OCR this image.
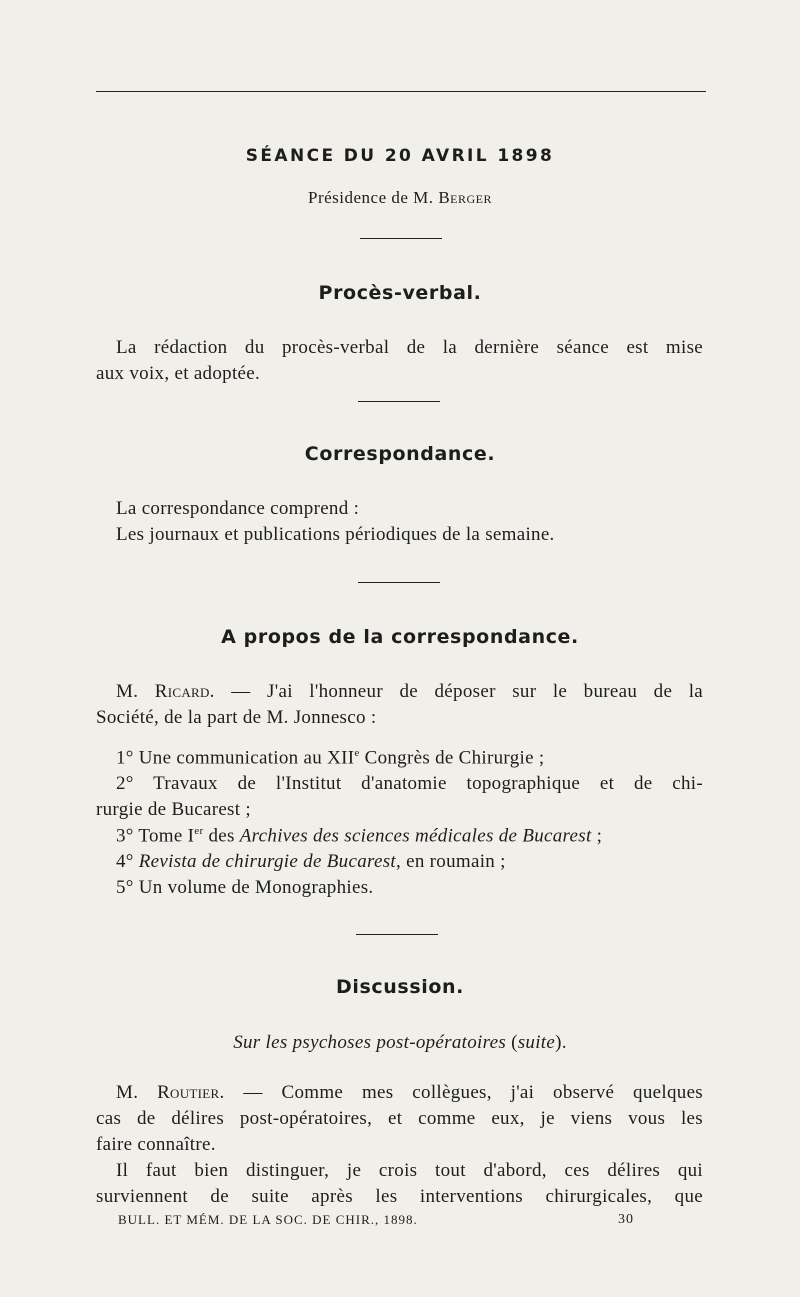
SÉANCE DU 20 AVRIL 1898
Présidence de M. Berger
Procès-verbal.
La rédaction du procès-verbal de la dernière séance est mise
aux voix, et adoptée.
Correspondance.
La correspondance comprend :
Les journaux et publications périodiques de la semaine.
A propos de la correspondance.
M. Ricard. — J'ai l'honneur de déposer sur le bureau de la
Société, de la part de M. Jonnesco :
1° Une communication au XIIe Congrès de Chirurgie ;
2° Travaux de l'Institut d'anatomie topographique et de chi-
rurgie de Bucarest ;
3° Tome Ier des Archives des sciences médicales de Bucarest ;
4° Revista de chirurgie de Bucarest, en roumain ;
5° Un volume de Monographies.
Discussion.
Sur les psychoses post-opératoires (suite).
M. Routier. — Comme mes collègues, j'ai observé quelques
cas de délires post-opératoires, et comme eux, je viens vous les
faire connaître.
Il faut bien distinguer, je crois tout d'abord, ces délires qui
surviennent de suite après les interventions chirurgicales, que
BULL. ET MÉM. DE LA SOC. DE CHIR., 1898.	30
